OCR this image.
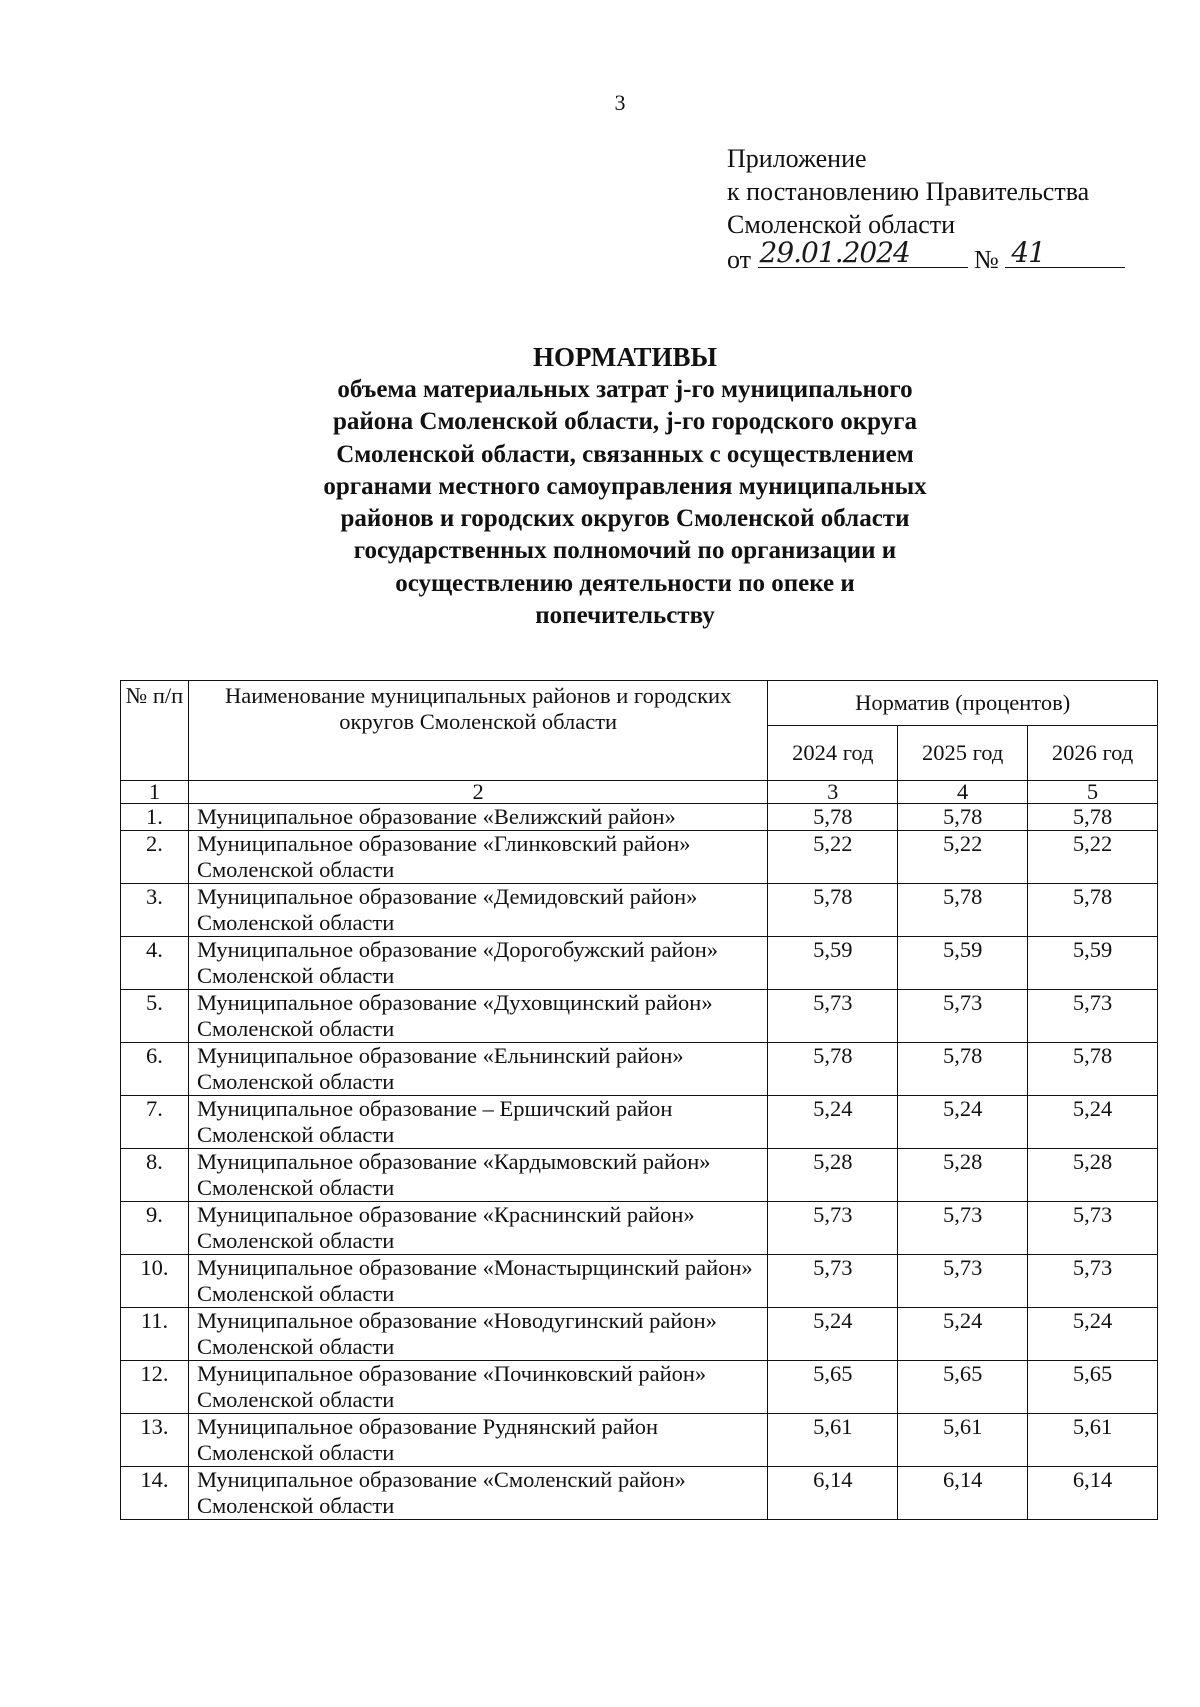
3
Приложение
к постановлению Правительства
Смоленской области
от 29.01.2024 № 41
НОРМАТИВЫ
объема материальных затрат j-го муниципального
района Смоленской области, j-го городского округа
Смоленской области, связанных с осуществлением
органами местного самоуправления муниципальных
районов и городских округов Смоленской области
государственных полномочий по организации и
осуществлению деятельности по опеке и
попечительству
№ п/п	Наименование муниципальных районов и городских округов Смоленской области	Норматив (процентов)		
		2024 год	2025 год	2026 год
1	2	3	4	5
1.	Муниципальное образование «Велижский район»	5,78	5,78	5,78
2.	Муниципальное образование «Глинковский район» Смоленской области	5,22	5,22	5,22
3.	Муниципальное образование «Демидовский район» Смоленской области	5,78	5,78	5,78
4.	Муниципальное образование «Дорогобужский район» Смоленской области	5,59	5,59	5,59
5.	Муниципальное образование «Духовщинский район» Смоленской области	5,73	5,73	5,73
6.	Муниципальное образование «Ельнинский район» Смоленской области	5,78	5,78	5,78
7.	Муниципальное образование – Ершичский район Смоленской области	5,24	5,24	5,24
8.	Муниципальное образование «Кардымовский район» Смоленской области	5,28	5,28	5,28
9.	Муниципальное образование «Краснинский район» Смоленской области	5,73	5,73	5,73
10.	Муниципальное образование «Монастырщинский район» Смоленской области	5,73	5,73	5,73
11.	Муниципальное образование «Новодугинский район» Смоленской области	5,24	5,24	5,24
12.	Муниципальное образование «Починковский район» Смоленской области	5,65	5,65	5,65
13.	Муниципальное образование Руднянский район Смоленской области	5,61	5,61	5,61
14.	Муниципальное образование «Смоленский район» Смоленской области	6,14	6,14	6,14
